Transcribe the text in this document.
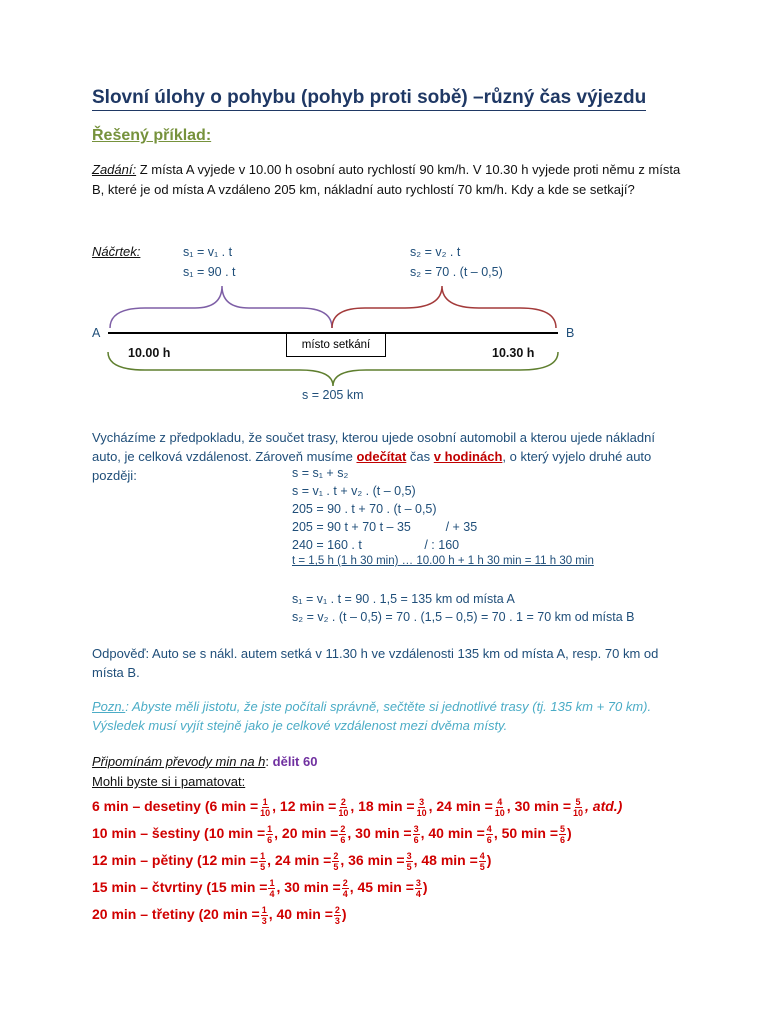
Slovní úlohy o pohybu (pohyb proti sobě) –různý čas výjezdu
Řešený příklad:
Zadání: Z místa A vyjede v 10.00 h osobní auto rychlostí 90 km/h. V 10.30 h vyjede proti němu z místa B, které je od místa A vzdáleno 205 km, nákladní auto rychlostí 70 km/h. Kdy a kde se setkají?
Náčrtek:	s₁ = v₁ . t
s₁ = 90 . t
s₂ = v₂ . t
s₂ = 70 . (t – 0,5)
A	B
10.00 h	10.30 h
místo setkání
s = 205 km
Vycházíme z předpokladu, že součet trasy, kterou ujede osobní automobil a kterou ujede nákladní auto, je celková vzdálenost. Zároveň musíme odečítat čas v hodinách, o který vyjelo druhé auto později:	s = s₁ + s₂
s = v₁ . t + v₂ . (t – 0,5)
205 = 90 . t + 70 . (t – 0,5)
205 = 90 t + 70 t – 35          / + 35
240 = 160 . t                  / : 160
t = 1,5 h (1 h 30 min) … 10.00 h + 1 h 30 min = 11 h 30 min
s₁ = v₁ . t = 90 . 1,5 = 135 km od místa A
s₂ = v₂ . (t – 0,5) = 70 . (1,5 – 0,5) = 70 . 1 = 70 km od místa B
Odpověď: Auto se s nákl. autem setká v 11.30 h ve vzdálenosti 135 km od místa A, resp. 70 km od místa B.
Pozn.: Abyste měli jistotu, že jste počítali správně, sečtěte si jednotlivé trasy (tj. 135 km + 70 km). Výsledek musí vyjít stejně jako je celkové vzdálenost mezi dvěma místy.
Připomínám převody min na h: dělit 60
Mohli byste si i pamatovat:
6 min – desetiny (6 $\min = \frac{1}{10}$ , 12 $\min = \frac{2}{10}$ , 18 $\min = \frac{3}{10}$ , 24 $\min = \frac{4}{10}$ , 30 $\min = \frac{5}{10}$ , atd.)
10 min – šestiny (10 $\min = \frac{1}{6}$ , 20 $\min = \frac{2}{6}$ , 30 $\min = \frac{3}{6}$ , 40 $\min = \frac{4}{6}$ , 50 $\min = \frac{5}{6}$ )
12 min – pětiny (12 $\min = \frac{1}{5}$ , 24 $\min = \frac{2}{5}$ , 36 $\min = \frac{3}{5}$ , 48 $\min = \frac{4}{5}$ )
15 min – čtvrtiny (15 $\min = \frac{1}{4}$ , 30 $\min = \frac{2}{4}$ , 45 $\min = \frac{3}{4}$ )
20 min – třetiny (20 $\min = \frac{1}{3}$ , 40 $\min = \frac{2}{3}$ )
